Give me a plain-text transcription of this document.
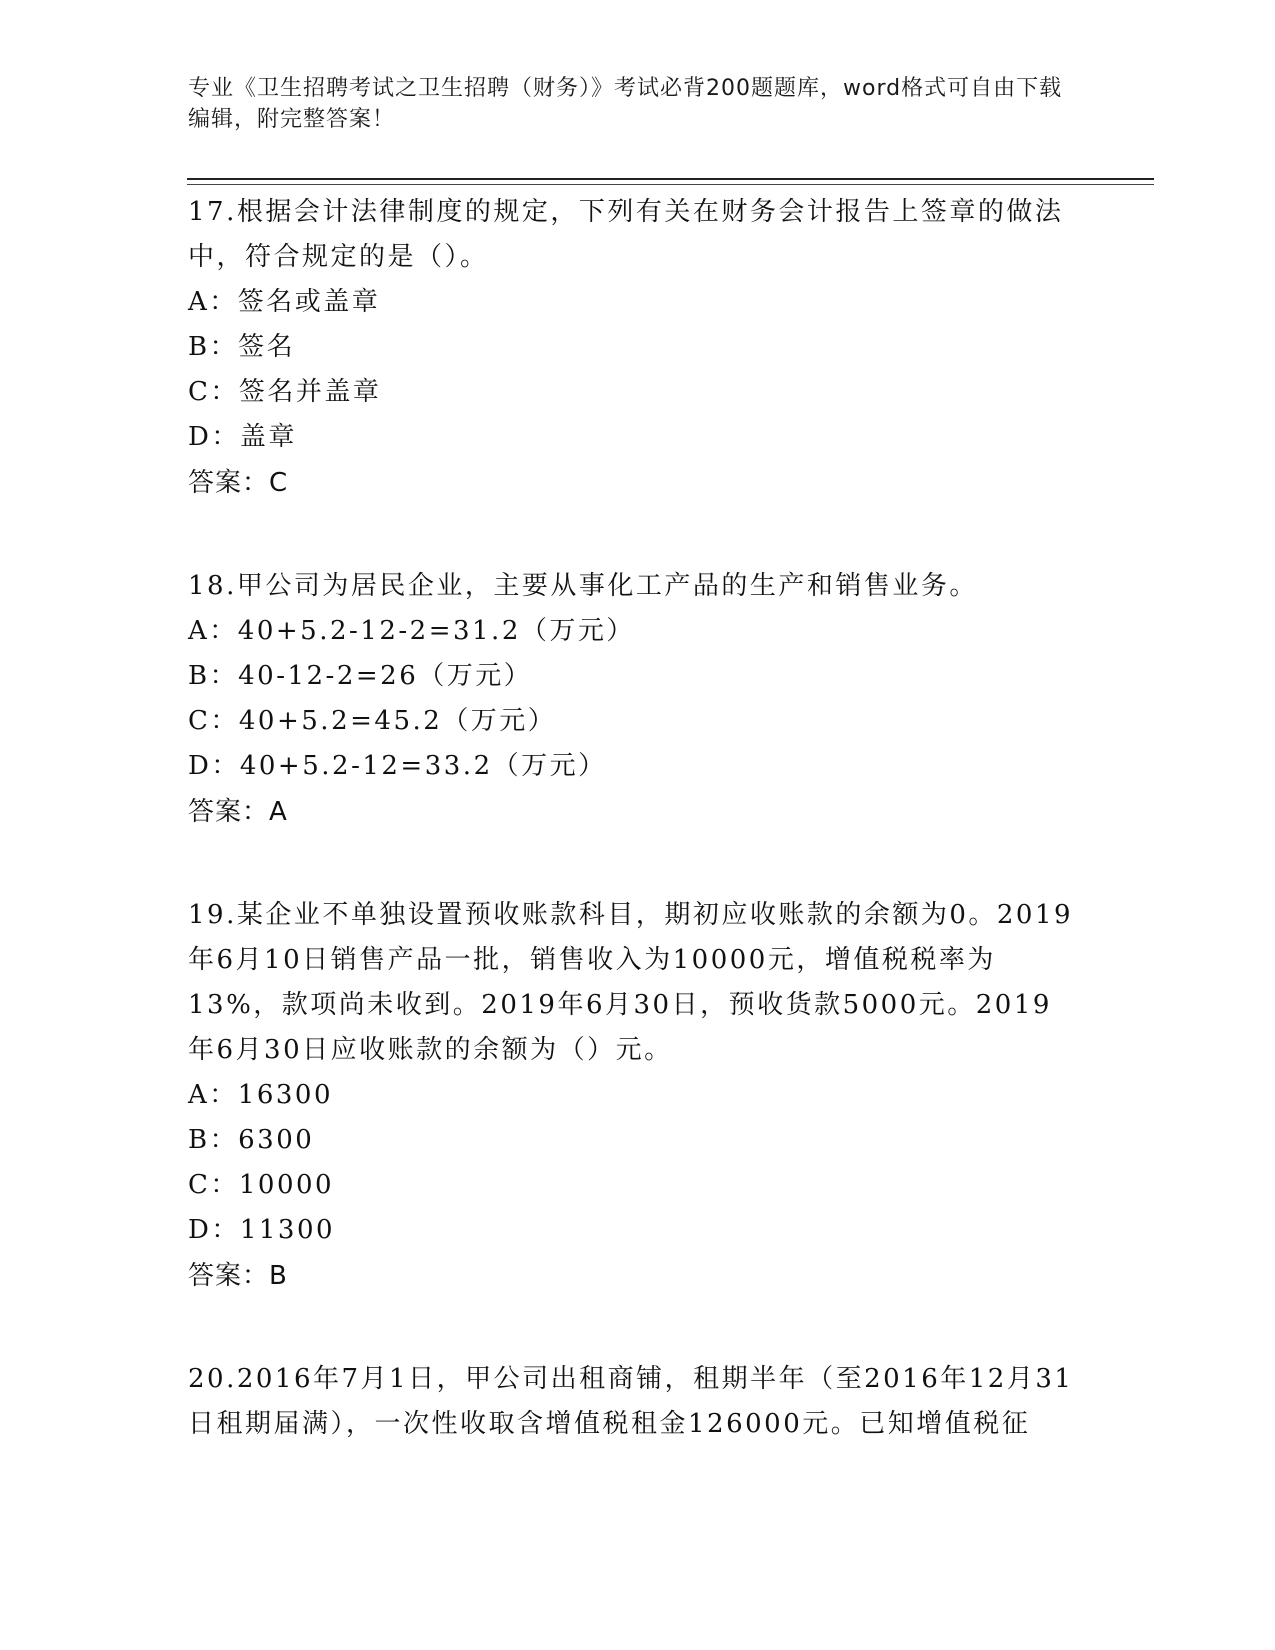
专业《卫生招聘考试之卫生招聘（财务）》考试必背200题题库，word格式可自由下载编辑，附完整答案！

17.根据会计法律制度的规定，下列有关在财务会计报告上签章的做法中，符合规定的是（）。

A：签名或盖章

B：签名

C：签名并盖章

D：盖章

答案：C

18.甲公司为居民企业，主要从事化工产品的生产和销售业务。

A：40+5.2-12-2=31.2（万元）

B：40-12-2=26（万元）

C：40+5.2=45.2（万元）

D：40+5.2-12=33.2（万元）

答案：A

19.某企业不单独设置预收账款科目，期初应收账款的余额为0。2019年6月10日销售产品一批，销售收入为10000元，增值税税率为13%，款项尚未收到。2019年6月30日，预收货款5000元。2019年6月30日应收账款的余额为（）元。

A：16300

B：6300

C：10000

D：11300

答案：B

20.2016年7月1日，甲公司出租商铺，租期半年（至2016年12月31日租期届满），一次性收取含增值税租金126000元。已知增值税征
